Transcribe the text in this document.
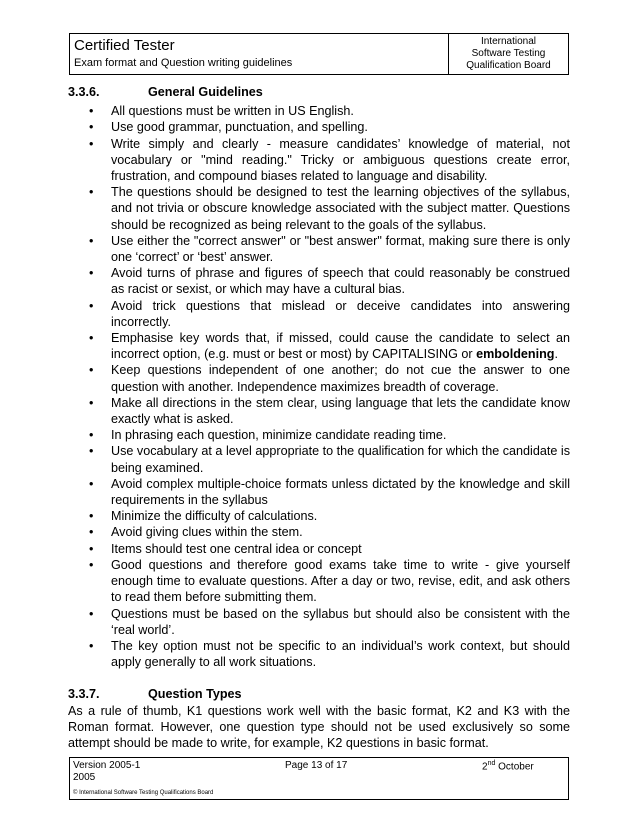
Certified Tester
Exam format and Question writing guidelines
International
Software Testing
Qualification Board
3.3.6.	General Guidelines
• All questions must be written in US English.
• Use good grammar, punctuation, and spelling.
• Write simply and clearly - measure candidates’ knowledge of material, not vocabulary or "mind reading." Tricky or ambiguous questions create error, frustration, and compound biases related to language and disability.
• The questions should be designed to test the learning objectives of the syllabus, and not trivia or obscure knowledge associated with the subject matter. Questions should be recognized as being relevant to the goals of the syllabus.
• Use either the "correct answer" or "best answer" format, making sure there is only one ‘correct’ or ‘best’ answer.
• Avoid turns of phrase and figures of speech that could reasonably be construed as racist or sexist, or which may have a cultural bias.
• Avoid trick questions that mislead or deceive candidates into answering incorrectly.
• Emphasise key words that, if missed, could cause the candidate to select an incorrect option, (e.g. must or best or most) by CAPITALISING or emboldening.
• Keep questions independent of one another; do not cue the answer to one question with another. Independence maximizes breadth of coverage.
• Make all directions in the stem clear, using language that lets the candidate know exactly what is asked.
• In phrasing each question, minimize candidate reading time.
• Use vocabulary at a level appropriate to the qualification for which the candidate is being examined.
• Avoid complex multiple-choice formats unless dictated by the knowledge and skill requirements in the syllabus
• Minimize the difficulty of calculations.
• Avoid giving clues within the stem.
• Items should test one central idea or concept
• Good questions and therefore good exams take time to write - give yourself enough time to evaluate questions. After a day or two, revise, edit, and ask others to read them before submitting them.
• Questions must be based on the syllabus but should also be consistent with the ‘real world’.
• The key option must not be specific to an individual’s work context, but should apply generally to all work situations.
3.3.7.	Question Types

As a rule of thumb, K1 questions work well with the basic format, K2 and K3 with the Roman format. However, one question type should not be used exclusively so some attempt should be made to write, for example, K2 questions in basic format.

Version 2005-1
2005
Page 13 of 17	2nd October
© International Software Testing Qualifications Board
